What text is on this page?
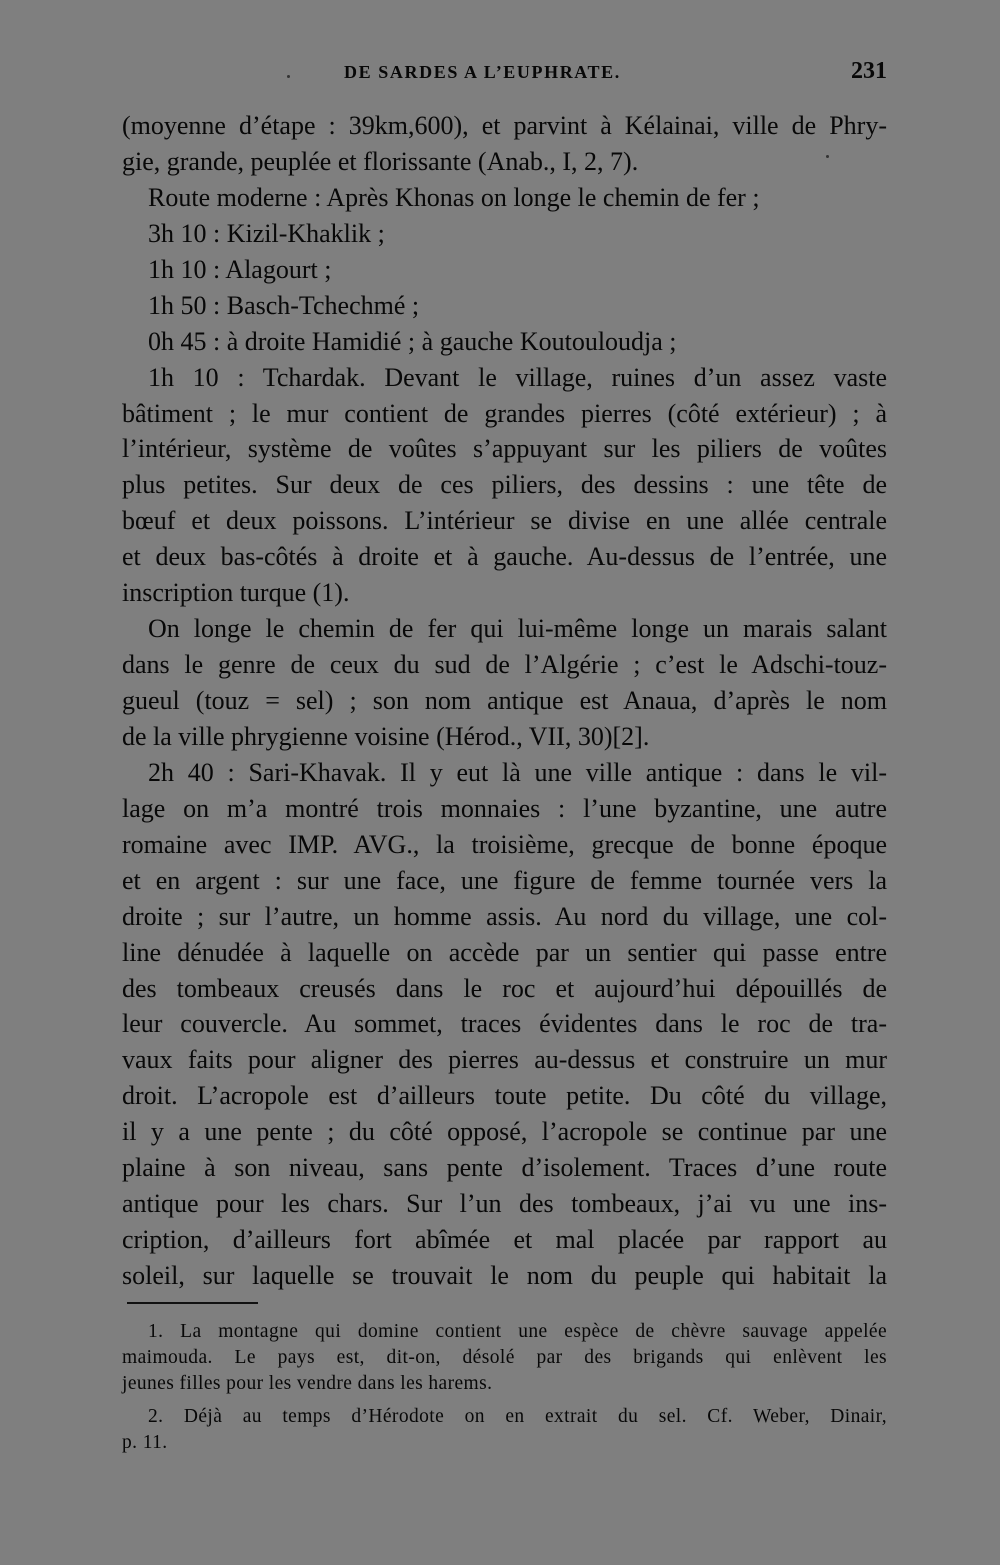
DE SARDES A L’EUPHRATE.	231
(moyenne d’étape : 39km,600), et parvint à Kélainai, ville de Phry-
gie, grande, peuplée et florissante (Anab., I, 2, 7).
Route moderne : Après Khonas on longe le chemin de fer ;
3h 10 : Kizil-Khaklik ;
1h 10 : Alagourt ;
1h 50 : Basch-Tchechmé ;
0h 45 : à droite Hamidié ; à gauche Koutouloudja ;
1h 10 : Tchardak. Devant le village, ruines d’un assez vaste
bâtiment ; le mur contient de grandes pierres (côté extérieur) ; à
l’intérieur, système de voûtes s’appuyant sur les piliers de voûtes
plus petites. Sur deux de ces piliers, des dessins : une tête de
bœuf et deux poissons. L’intérieur se divise en une allée centrale
et deux bas-côtés à droite et à gauche. Au-dessus de l’entrée, une
inscription turque (1).
On longe le chemin de fer qui lui-même longe un marais salant
dans le genre de ceux du sud de l’Algérie ; c’est le Adschi-touz-
gueul (touz = sel) ; son nom antique est Anaua, d’après le nom
de la ville phrygienne voisine (Hérod., VII, 30)[2].
2h 40 : Sari-Khavak. Il y eut là une ville antique : dans le vil-
lage on m’a montré trois monnaies : l’une byzantine, une autre
romaine avec IMP. AVG., la troisième, grecque de bonne époque
et en argent : sur une face, une figure de femme tournée vers la
droite ; sur l’autre, un homme assis. Au nord du village, une col-
line dénudée à laquelle on accède par un sentier qui passe entre
des tombeaux creusés dans le roc et aujourd’hui dépouillés de
leur couvercle. Au sommet, traces évidentes dans le roc de tra-
vaux faits pour aligner des pierres au-dessus et construire un mur
droit. L’acropole est d’ailleurs toute petite. Du côté du village,
il y a une pente ; du côté opposé, l’acropole se continue par une
plaine à son niveau, sans pente d’isolement. Traces d’une route
antique pour les chars. Sur l’un des tombeaux, j’ai vu une ins-
cription, d’ailleurs fort abîmée et mal placée par rapport au
soleil, sur laquelle se trouvait le nom du peuple qui habitait la
1. La montagne qui domine contient une espèce de chèvre sauvage appelée
maimouda. Le pays est, dit-on, désolé par des brigands qui enlèvent les
jeunes filles pour les vendre dans les harems.
2. Déjà au temps d’Hérodote on en extrait du sel. Cf. Weber, Dinair,
p. 11.
